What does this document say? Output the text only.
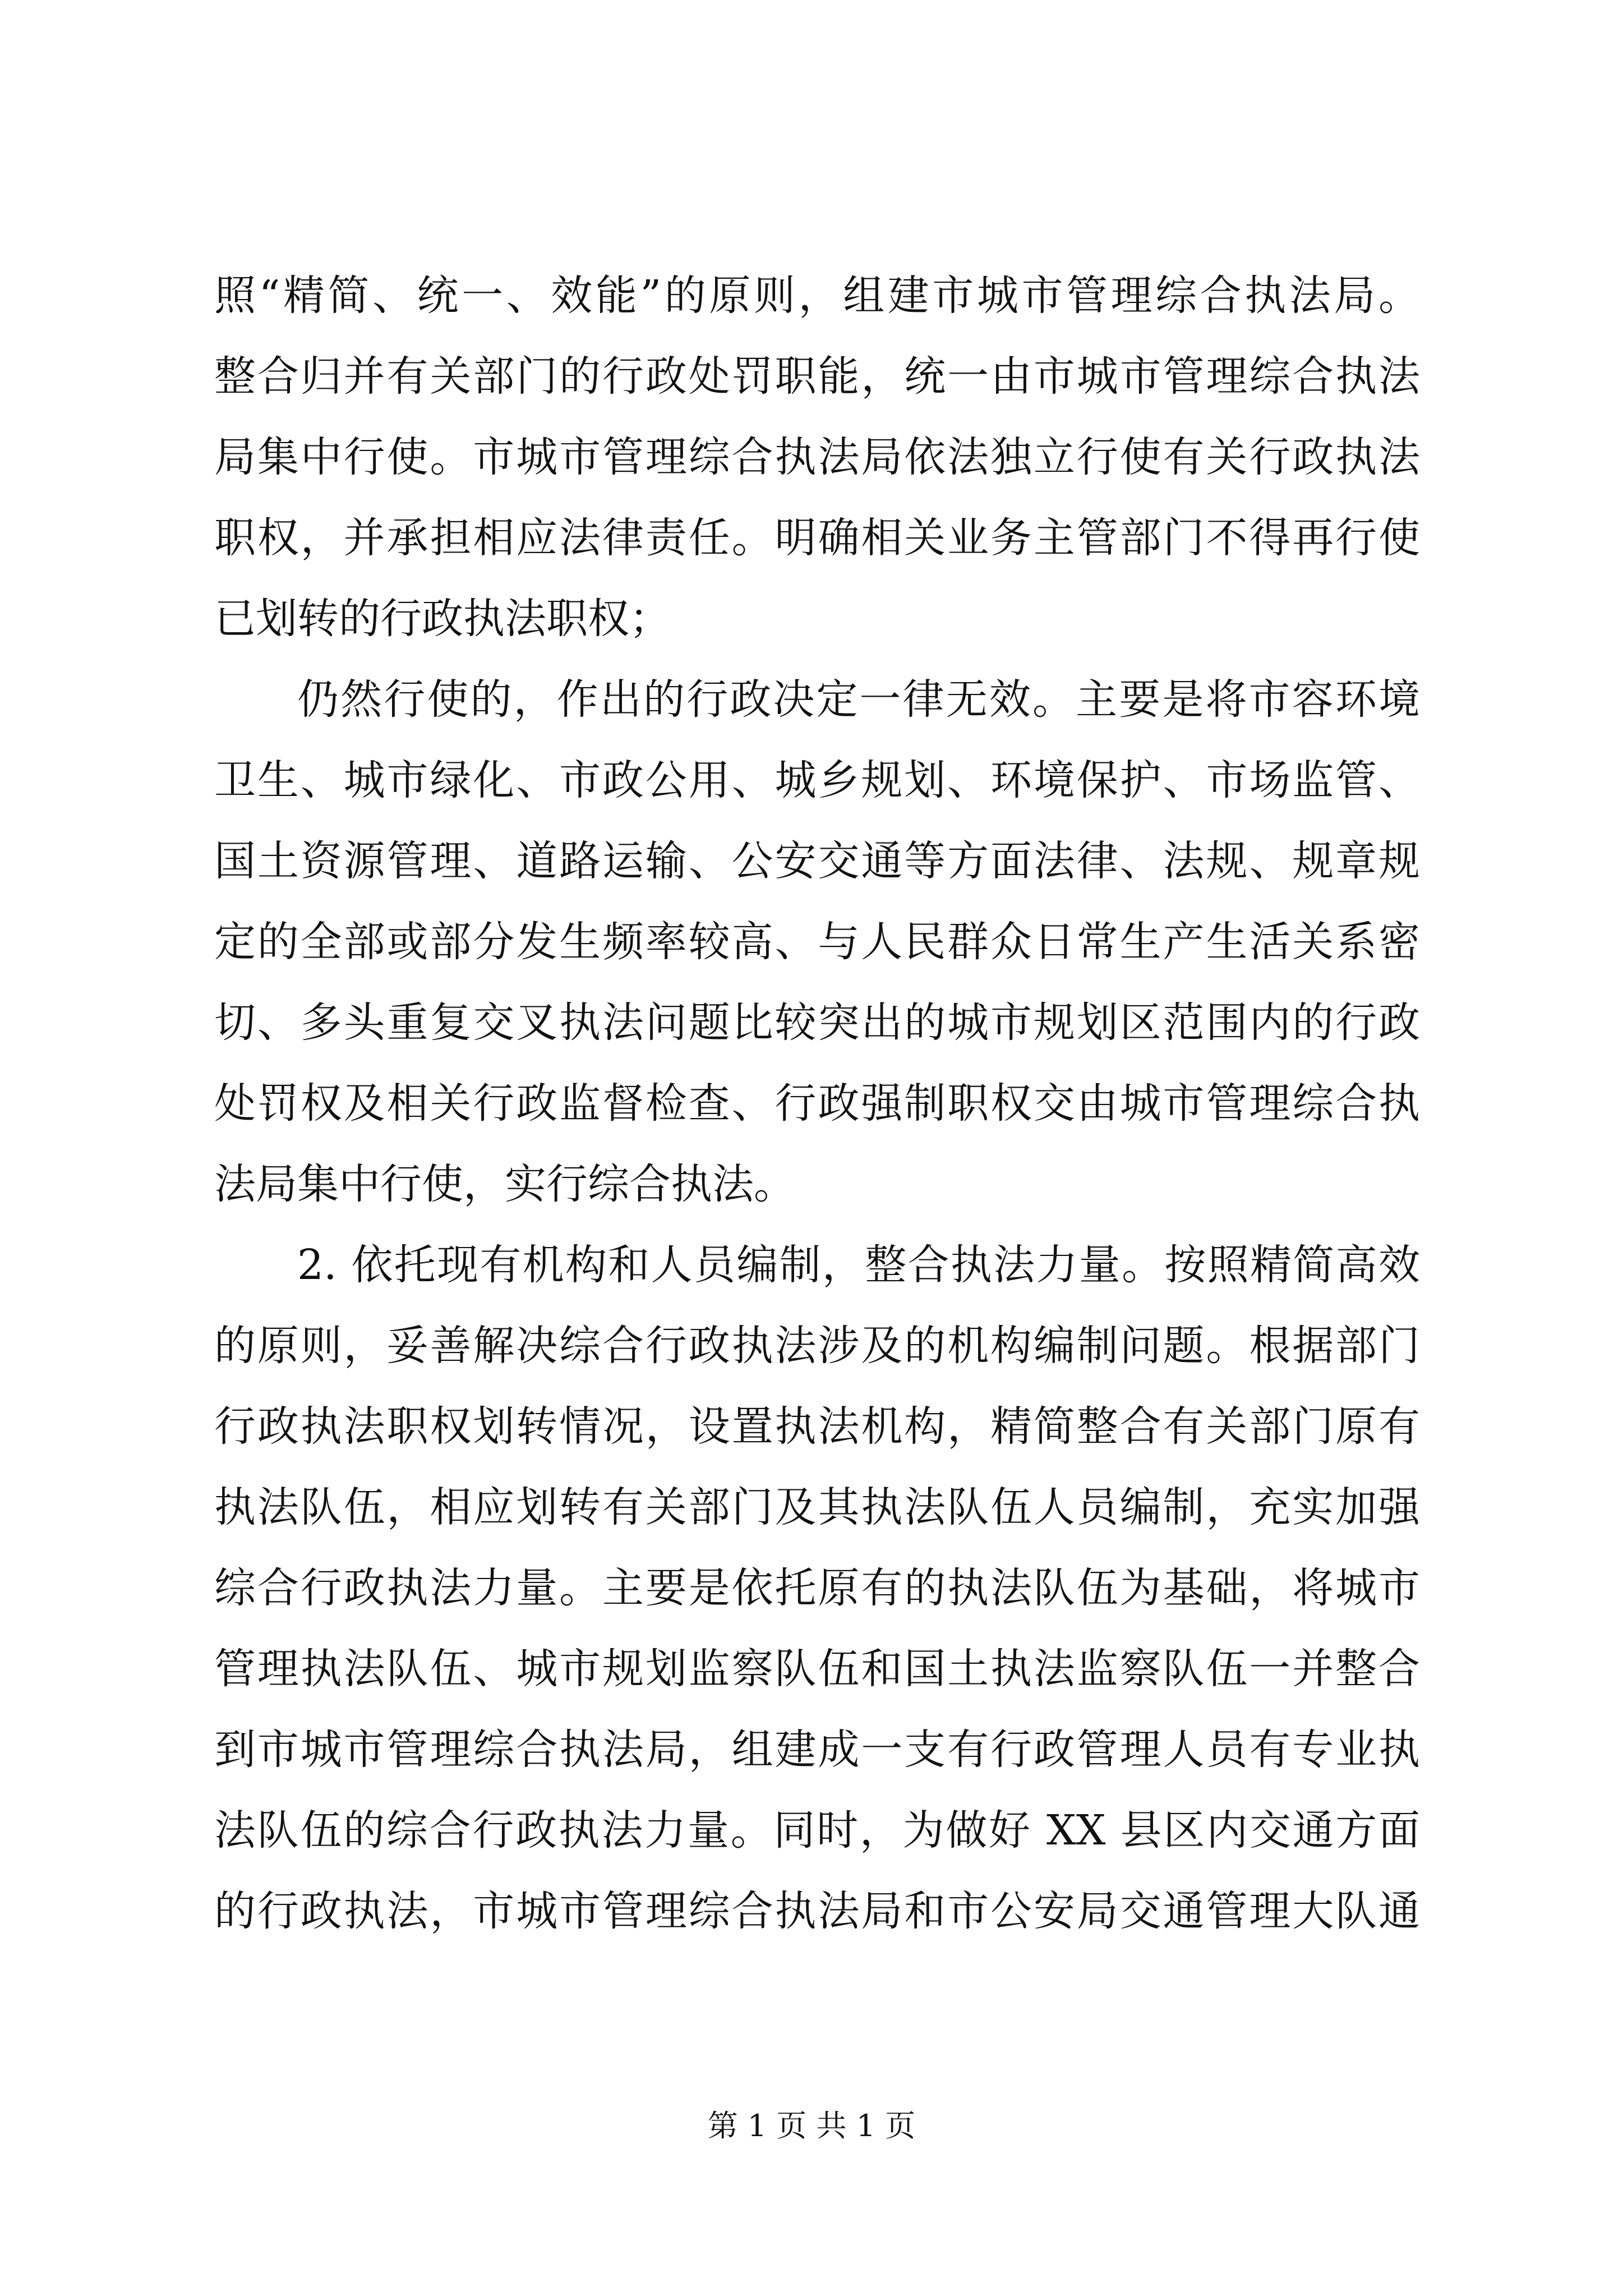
照“精简、统一、效能”的原则，组建市城市管理综合执法局。
整合归并有关部门的行政处罚职能，统一由市城市管理综合执法
局集中行使。市城市管理综合执法局依法独立行使有关行政执法
职权，并承担相应法律责任。明确相关业务主管部门不得再行使
已划转的行政执法职权；
仍然行使的，作出的行政决定一律无效。主要是将市容环境
卫生、城市绿化、市政公用、城乡规划、环境保护、市场监管、
国土资源管理、道路运输、公安交通等方面法律、法规、规章规
定的全部或部分发生频率较高、与人民群众日常生产生活关系密
切、多头重复交叉执法问题比较突出的城市规划区范围内的行政
处罚权及相关行政监督检查、行政强制职权交由城市管理综合执
法局集中行使，实行综合执法。
2. 依托现有机构和人员编制，整合执法力量。按照精简高效
的原则，妥善解决综合行政执法涉及的机构编制问题。根据部门
行政执法职权划转情况，设置执法机构，精简整合有关部门原有
执法队伍，相应划转有关部门及其执法队伍人员编制，充实加强
综合行政执法力量。主要是依托原有的执法队伍为基础，将城市
管理执法队伍、城市规划监察队伍和国土执法监察队伍一并整合
到市城市管理综合执法局，组建成一支有行政管理人员有专业执
法队伍的综合行政执法力量。同时，为做好 XX 县区内交通方面
的行政执法，市城市管理综合执法局和市公安局交通管理大队通
第 1 页 共 1 页
